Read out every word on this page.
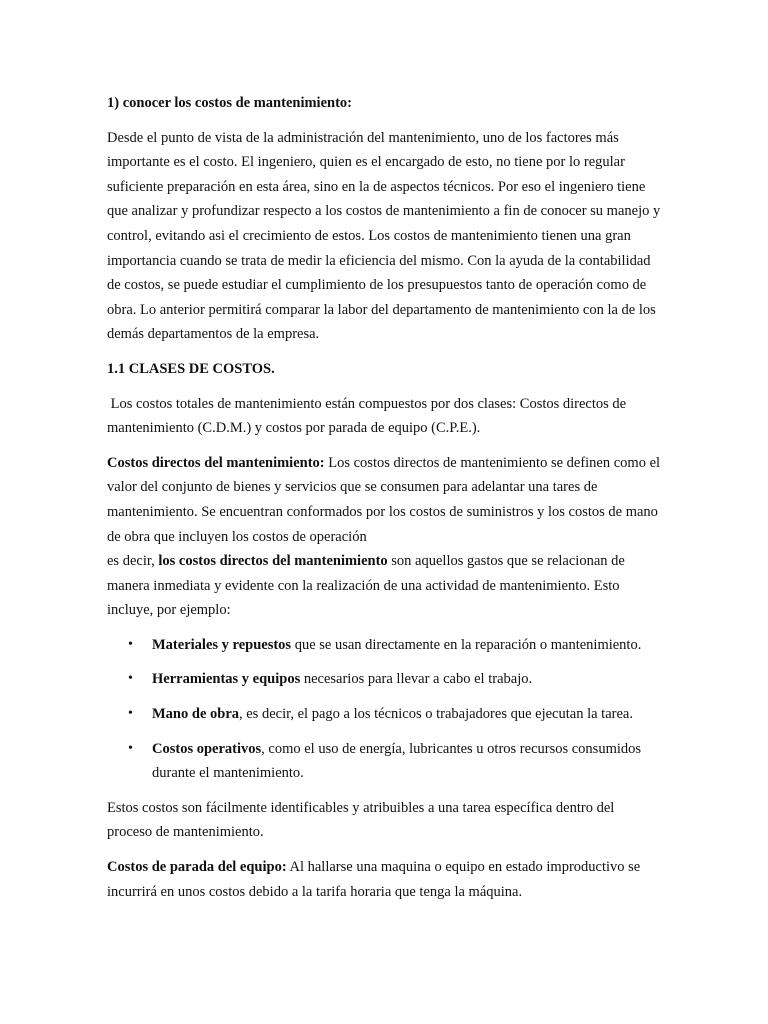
1) conocer los costos de mantenimiento:

Desde el punto de vista de la administración del mantenimiento, uno de los factores más importante es el costo. El ingeniero, quien es el encargado de esto, no tiene por lo regular suficiente preparación en esta área, sino en la de aspectos técnicos. Por eso el ingeniero tiene que analizar y profundizar respecto a los costos de mantenimiento a fin de conocer su manejo y control, evitando asi el crecimiento de estos. Los costos de mantenimiento tienen una gran importancia cuando se trata de medir la eficiencia del mismo. Con la ayuda de la contabilidad de costos, se puede estudiar el cumplimiento de los presupuestos tanto de operación como de obra. Lo anterior permitirá comparar la labor del departamento de mantenimiento con la de los demás departamentos de la empresa.

1.1 CLASES DE COSTOS.

Los costos totales de mantenimiento están compuestos por dos clases: Costos directos de mantenimiento (C.D.M.) y costos por parada de equipo (C.P.E.).

Costos directos del mantenimiento: Los costos directos de mantenimiento se definen como el valor del conjunto de bienes y servicios que se consumen para adelantar una tares de mantenimiento. Se encuentran conformados por los costos de suministros y los costos de mano de obra que incluyen los costos de operación
es decir, los costos directos del mantenimiento son aquellos gastos que se relacionan de manera inmediata y evidente con la realización de una actividad de mantenimiento. Esto incluye, por ejemplo:

• Materiales y repuestos que se usan directamente en la reparación o mantenimiento.
• Herramientas y equipos necesarios para llevar a cabo el trabajo.
• Mano de obra, es decir, el pago a los técnicos o trabajadores que ejecutan la tarea.
• Costos operativos, como el uso de energía, lubricantes u otros recursos consumidos durante el mantenimiento.

Estos costos son fácilmente identificables y atribuibles a una tarea específica dentro del proceso de mantenimiento.

Costos de parada del equipo: Al hallarse una maquina o equipo en estado improductivo se incurrirá en unos costos debido a la tarifa horaria que tenga la máquina.
